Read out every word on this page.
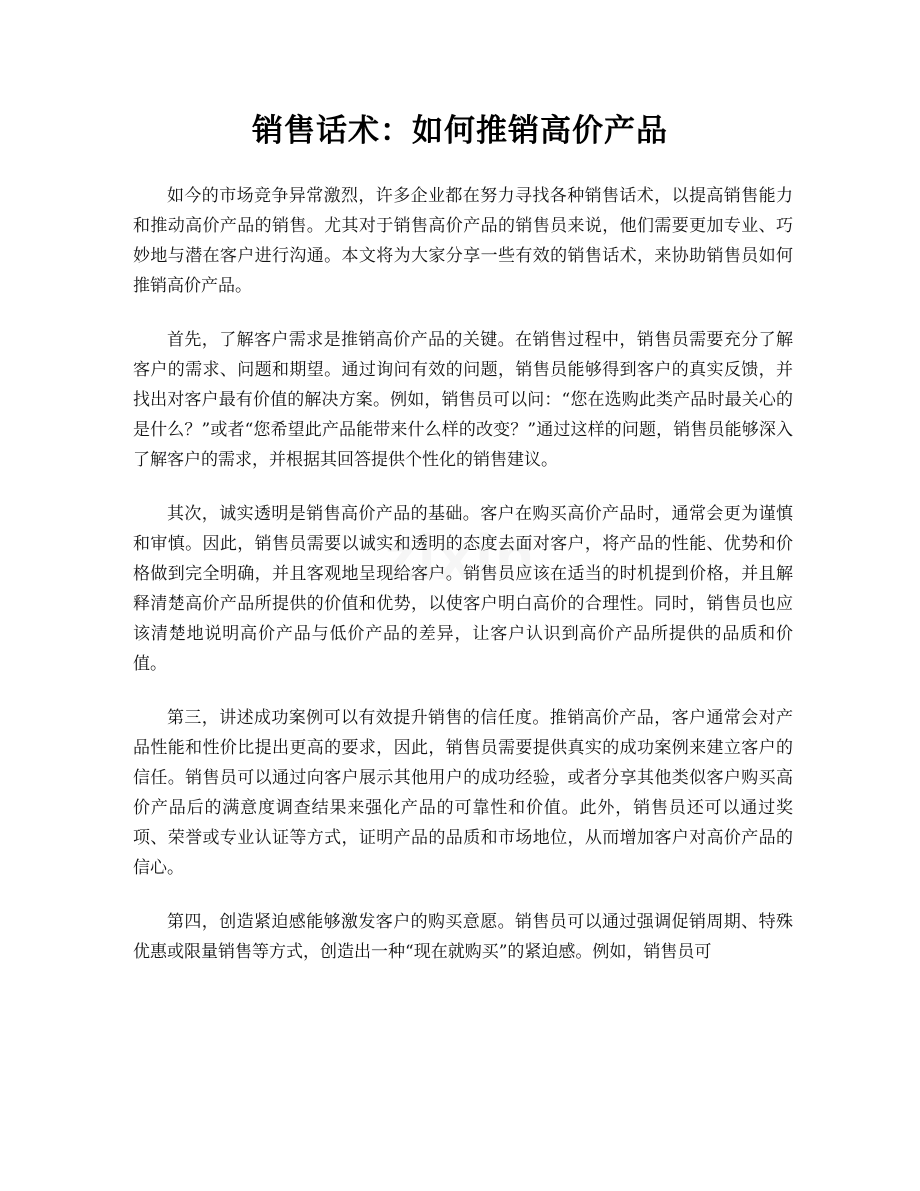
销售话术：如何推销高价产品
zixin

如今的市场竞争异常激烈，许多企业都在努力寻找各种销售话术，以提高销售能力和推动高价产品的销售。尤其对于销售高价产品的销售员来说，他们需要更加专业、巧妙地与潜在客户进行沟通。本文将为大家分享一些有效的销售话术，来协助销售员如何推销高价产品。

首先，了解客户需求是推销高价产品的关键。在销售过程中，销售员需要充分了解客户的需求、问题和期望。通过询问有效的问题，销售员能够得到客户的真实反馈，并找出对客户最有价值的解决方案。例如，销售员可以问：“您在选购此类产品时最关心的是什么？”或者“您希望此产品能带来什么样的改变？”通过这样的问题，销售员能够深入了解客户的需求，并根据其回答提供个性化的销售建议。

其次，诚实透明是销售高价产品的基础。客户在购买高价产品时，通常会更为谨慎和审慎。因此，销售员需要以诚实和透明的态度去面对客户，将产品的性能、优势和价格做到完全明确，并且客观地呈现给客户。销售员应该在适当的时机提到价格，并且解释清楚高价产品所提供的价值和优势，以使客户明白高价的合理性。同时，销售员也应该清楚地说明高价产品与低价产品的差异，让客户认识到高价产品所提供的品质和价值。

第三，讲述成功案例可以有效提升销售的信任度。推销高价产品，客户通常会对产品性能和性价比提出更高的要求，因此，销售员需要提供真实的成功案例来建立客户的信任。销售员可以通过向客户展示其他用户的成功经验，或者分享其他类似客户购买高价产品后的满意度调查结果来强化产品的可靠性和价值。此外，销售员还可以通过奖项、荣誉或专业认证等方式，证明产品的品质和市场地位，从而增加客户对高价产品的信心。

第四，创造紧迫感能够激发客户的购买意愿。销售员可以通过强调促销周期、特殊优惠或限量销售等方式，创造出一种“现在就购买”的紧迫感。例如，销售员可
